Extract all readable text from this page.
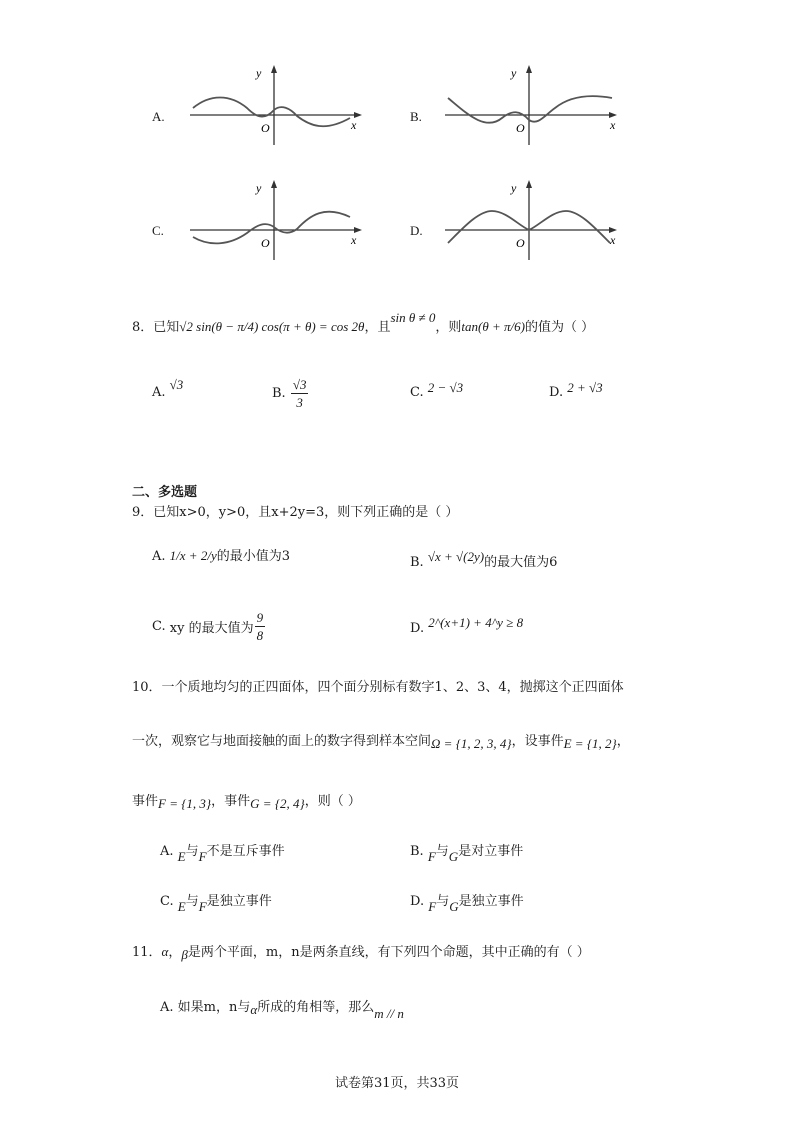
A.
y
x
O
B.
y
x
O
C.
y
x
O
D.
y
x
O
8．已知√2 sin(θ − π/4) cos(π + θ) = cos 2θ，且sin θ ≠ 0，则tan(θ + π/6)的值为（ ）
A. √3
B. $\frac{√3}{3}$	C. 2 − √3	D. 2 + √3
二、多选题
9．已知x>0，y>0，且x+2y=3，则下列正确的是（ ）
A. 1/x + 2/y的最小值为3	B. √x + √(2y)的最大值为6
C. xy 的最大值为 $\frac{9}{8}$	D. 2^(x+1) + 4^y ≥ 8
10．一个质地均匀的正四面体，四个面分别标有数字1、2、3、4，抛掷这个正四面体
一次，观察它与地面接触的面上的数字得到样本空间Ω = {1, 2, 3, 4}，设事件E = {1, 2}，
事件F = {1, 3}，事件G = {2, 4}，则（ ）
A. E与F不是互斥事件	B. F与G是对立事件
C. E与F是独立事件	D. F与G是独立事件
11．α，β是两个平面，m，n是两条直线，有下列四个命题，其中正确的有（ ）
A. 如果m，n与α所成的角相等，那么m // n
试卷第31页，共33页
